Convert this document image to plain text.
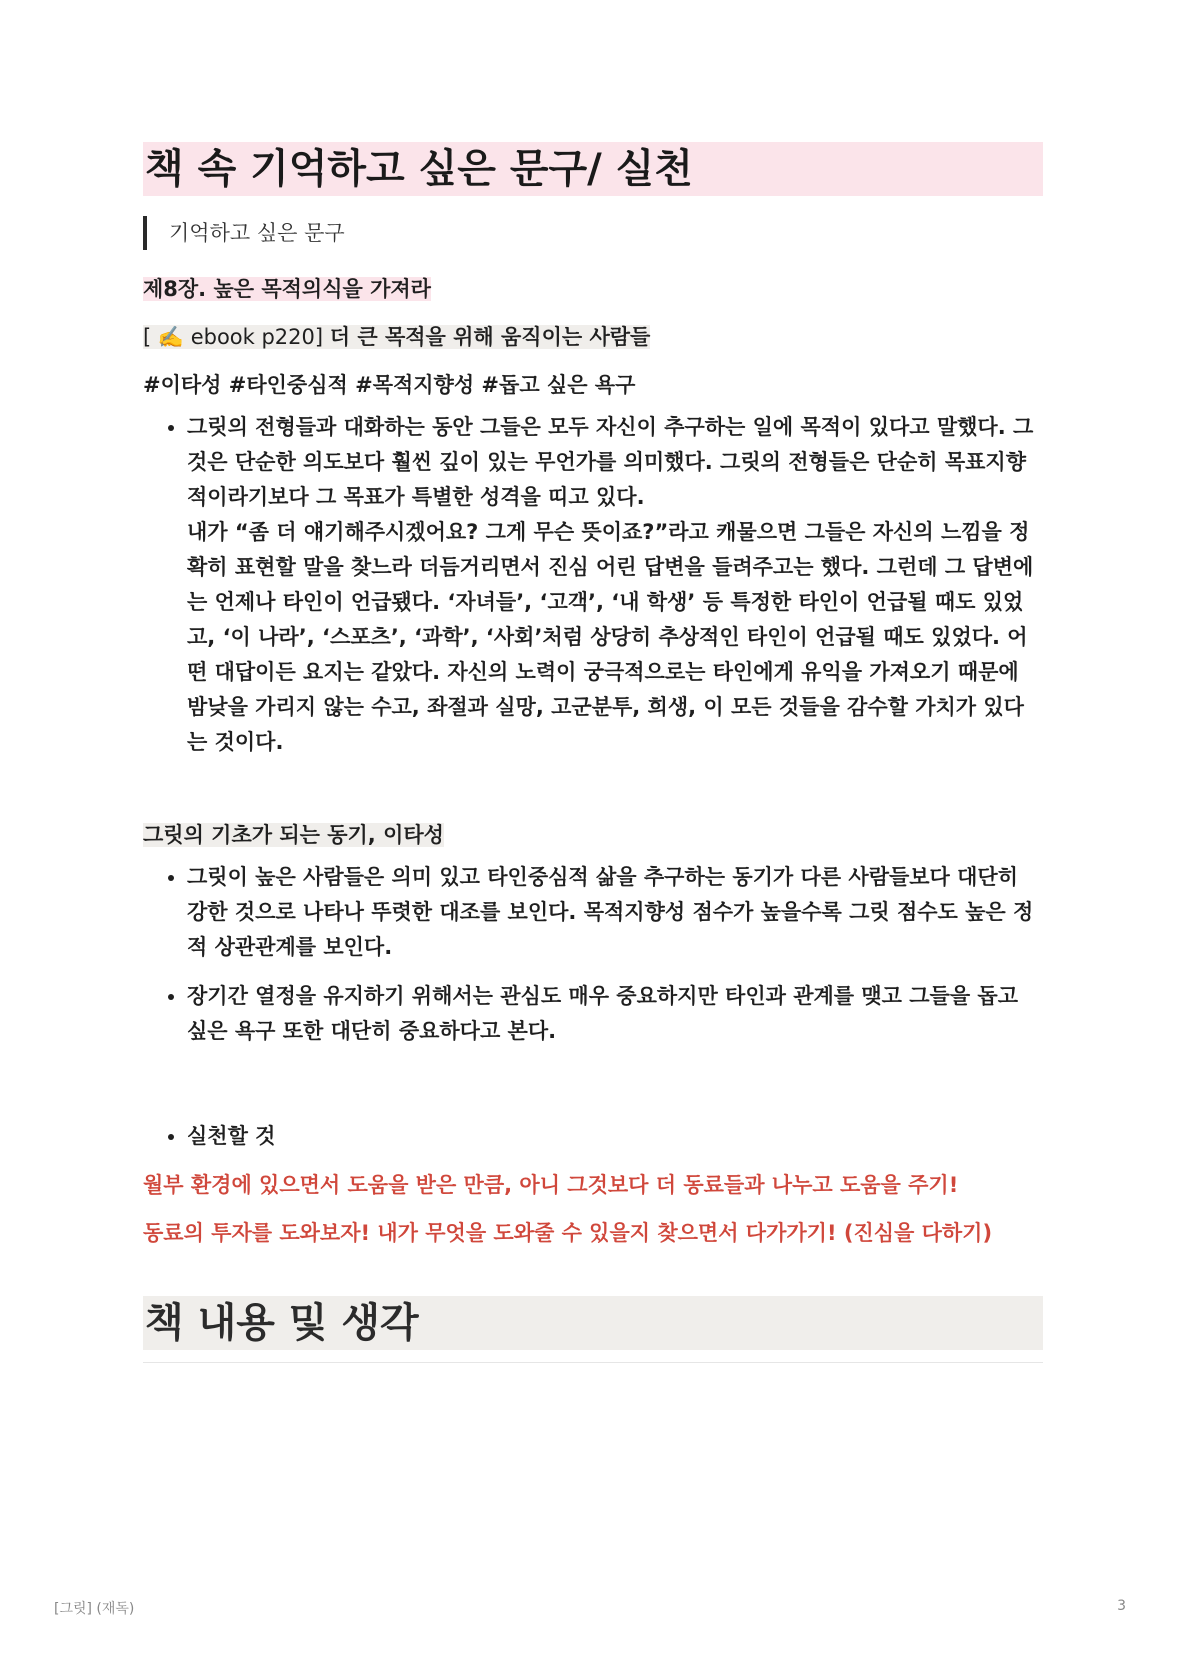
책 속 기억하고 싶은 문구/ 실천
기억하고 싶은 문구
제8장. 높은 목적의식을 가져라
[ ✍️ ebook p220] 더 큰 목적을 위해 움직이는 사람들
#이타성 #타인중심적 #목적지향성 #돕고 싶은 욕구
• 그릿의 전형들과 대화하는 동안 그들은 모두 자신이 추구하는 일에 목적이 있다고 말했다. 그것은 단순한 의도보다 훨씬 깊이 있는 무언가를 의미했다. 그릿의 전형들은 단순히 목표지향적이라기보다 그 목표가 특별한 성격을 띠고 있다.
내가 “좀 더 얘기해주시겠어요? 그게 무슨 뜻이죠?”라고 캐물으면 그들은 자신의 느낌을 정확히 표현할 말을 찾느라 더듬거리면서 진심 어린 답변을 들려주고는 했다. 그런데 그 답변에는 언제나 타인이 언급됐다. ‘자녀들’, ‘고객’, ‘내 학생’ 등 특정한 타인이 언급될 때도 있었고, ‘이 나라’, ‘스포츠’, ‘과학’, ‘사회’처럼 상당히 추상적인 타인이 언급될 때도 있었다. 어떤 대답이든 요지는 같았다. 자신의 노력이 궁극적으로는 타인에게 유익을 가져오기 때문에 밤낮을 가리지 않는 수고, 좌절과 실망, 고군분투, 희생, 이 모든 것들을 감수할 가치가 있다는 것이다.
그릿의 기초가 되는 동기, 이타성
• 그릿이 높은 사람들은 의미 있고 타인중심적 삶을 추구하는 동기가 다른 사람들보다 대단히 강한 것으로 나타나 뚜렷한 대조를 보인다. 목적지향성 점수가 높을수록 그릿 점수도 높은 정적 상관관계를 보인다.
• 장기간 열정을 유지하기 위해서는 관심도 매우 중요하지만 타인과 관계를 맺고 그들을 돕고 싶은 욕구 또한 대단히 중요하다고 본다.
• 실천할 것
월부 환경에 있으면서 도움을 받은 만큼, 아니 그것보다 더 동료들과 나누고 도움을 주기!
동료의 투자를 도와보자! 내가 무엇을 도와줄 수 있을지 찾으면서 다가가기! (진심을 다하기)
책 내용 및 생각
[그릿] (재독)	3
